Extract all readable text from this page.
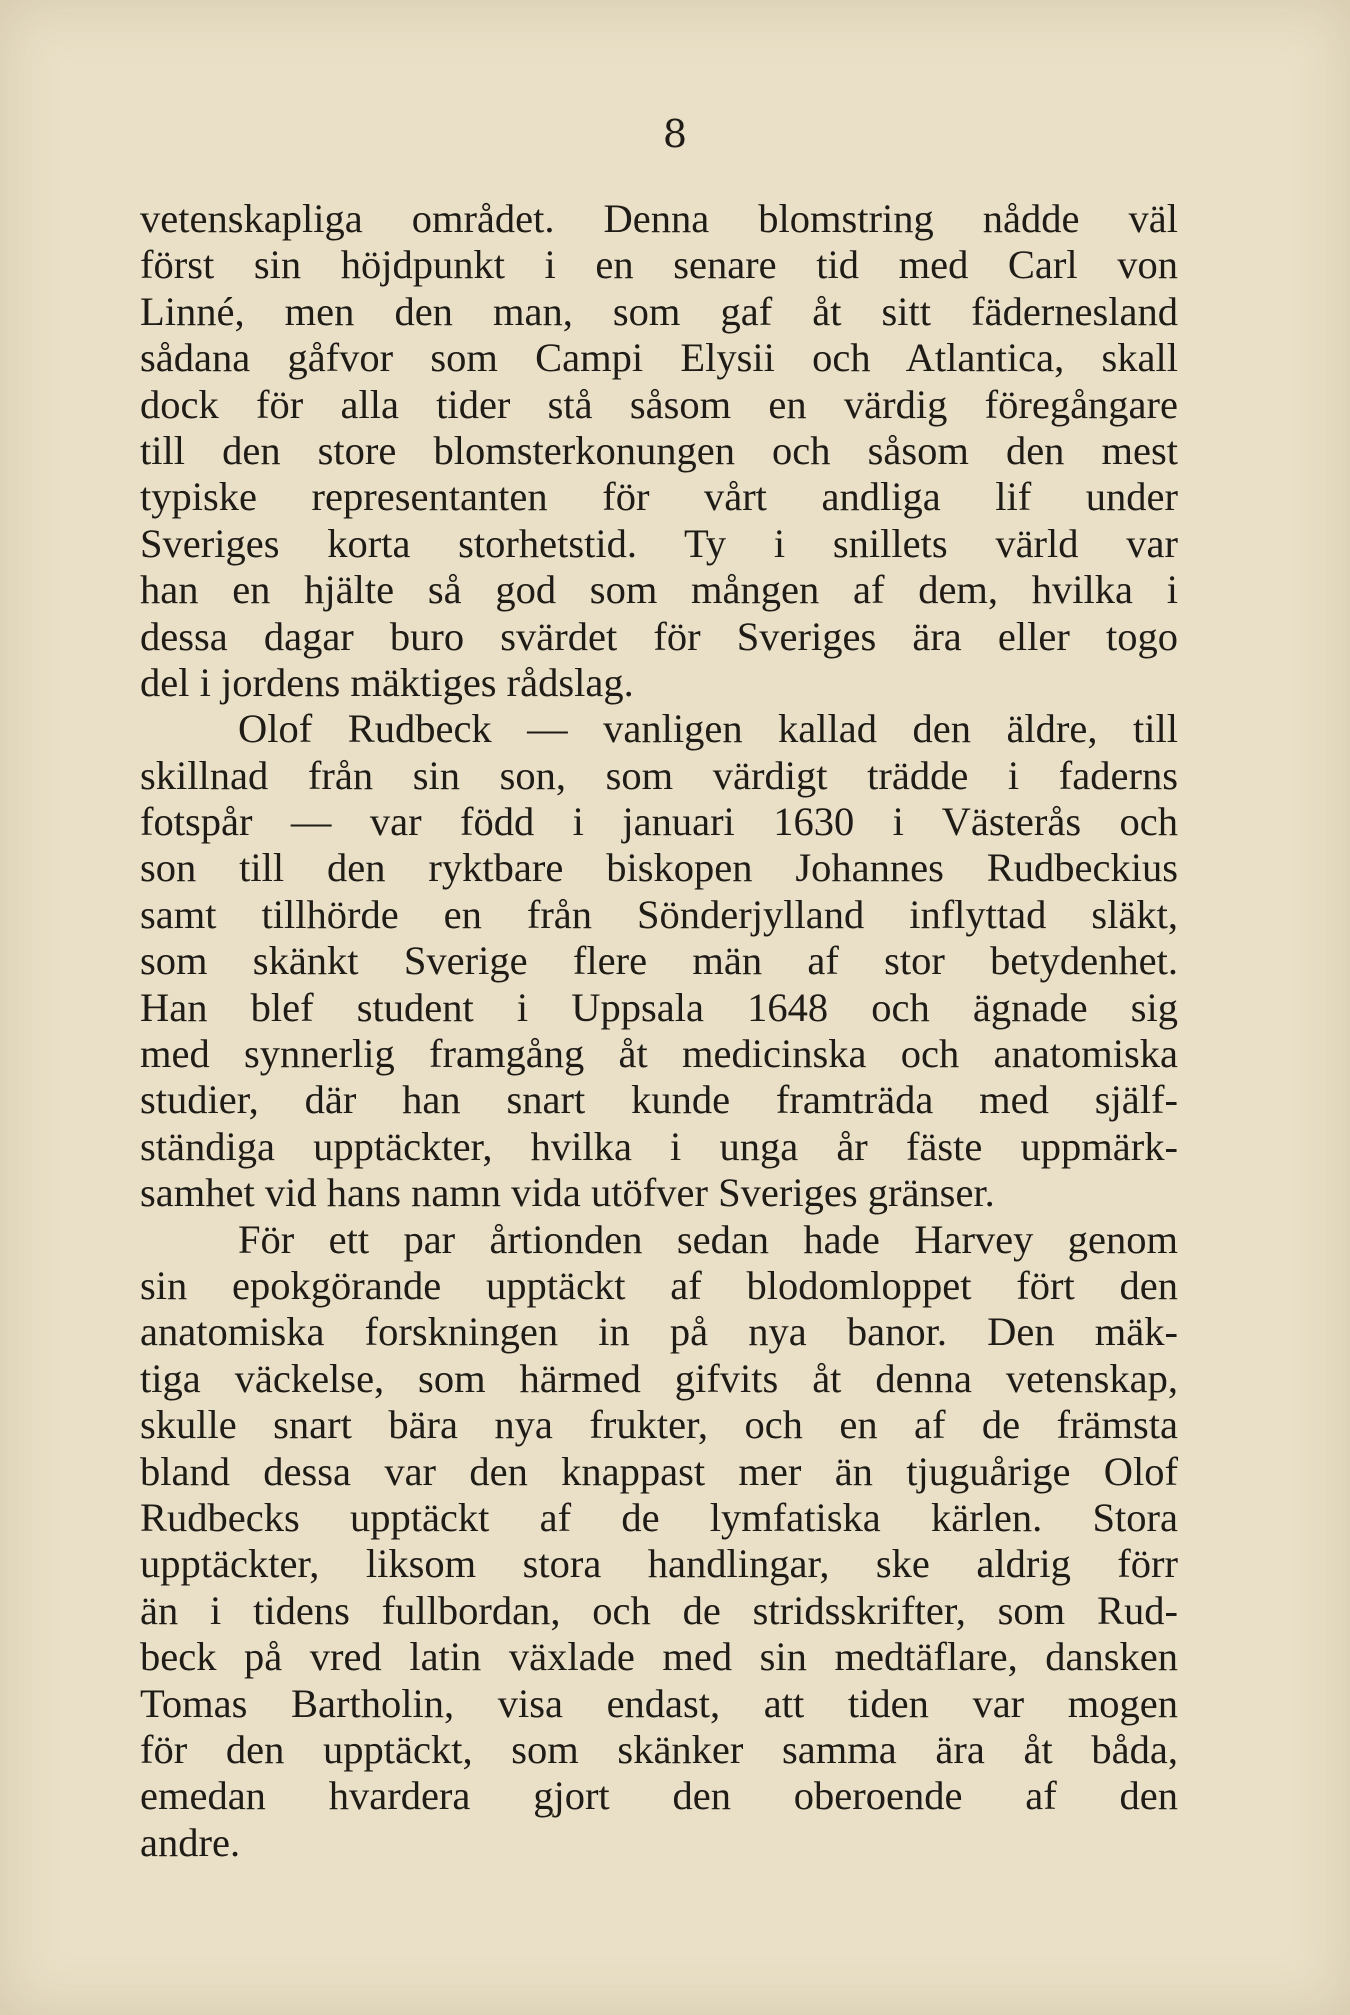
8
vetenskapliga området. Denna blomstring nådde väl
först sin höjdpunkt i en senare tid med Carl von
Linné, men den man, som gaf åt sitt fädernesland
sådana gåfvor som Campi Elysii och Atlantica, skall
dock för alla tider stå såsom en värdig föregångare
till den store blomsterkonungen och såsom den mest
typiske representanten för vårt andliga lif under
Sveriges korta storhetstid. Ty i snillets värld var
han en hjälte så god som mången af dem, hvilka i
dessa dagar buro svärdet för Sveriges ära eller togo
del i jordens mäktiges rådslag.
Olof Rudbeck — vanligen kallad den äldre, till
skillnad från sin son, som värdigt trädde i faderns
fotspår — var född i januari 1630 i Västerås och
son till den ryktbare biskopen Johannes Rudbeckius
samt tillhörde en från Sönderjylland inflyttad släkt,
som skänkt Sverige flere män af stor betydenhet.
Han blef student i Uppsala 1648 och ägnade sig
med synnerlig framgång åt medicinska och anatomiska
studier, där han snart kunde framträda med själf-
ständiga upptäckter, hvilka i unga år fäste uppmärk-
samhet vid hans namn vida utöfver Sveriges gränser.
För ett par årtionden sedan hade Harvey genom
sin epokgörande upptäckt af blodomloppet fört den
anatomiska forskningen in på nya banor. Den mäk-
tiga väckelse, som härmed gifvits åt denna vetenskap,
skulle snart bära nya frukter, och en af de främsta
bland dessa var den knappast mer än tjuguårige Olof
Rudbecks upptäckt af de lymfatiska kärlen. Stora
upptäckter, liksom stora handlingar, ske aldrig förr
än i tidens fullbordan, och de stridsskrifter, som Rud-
beck på vred latin växlade med sin medtäflare, dansken
Tomas Bartholin, visa endast, att tiden var mogen
för den upptäckt, som skänker samma ära åt båda,
emedan hvardera gjort den oberoende af den
andre.
